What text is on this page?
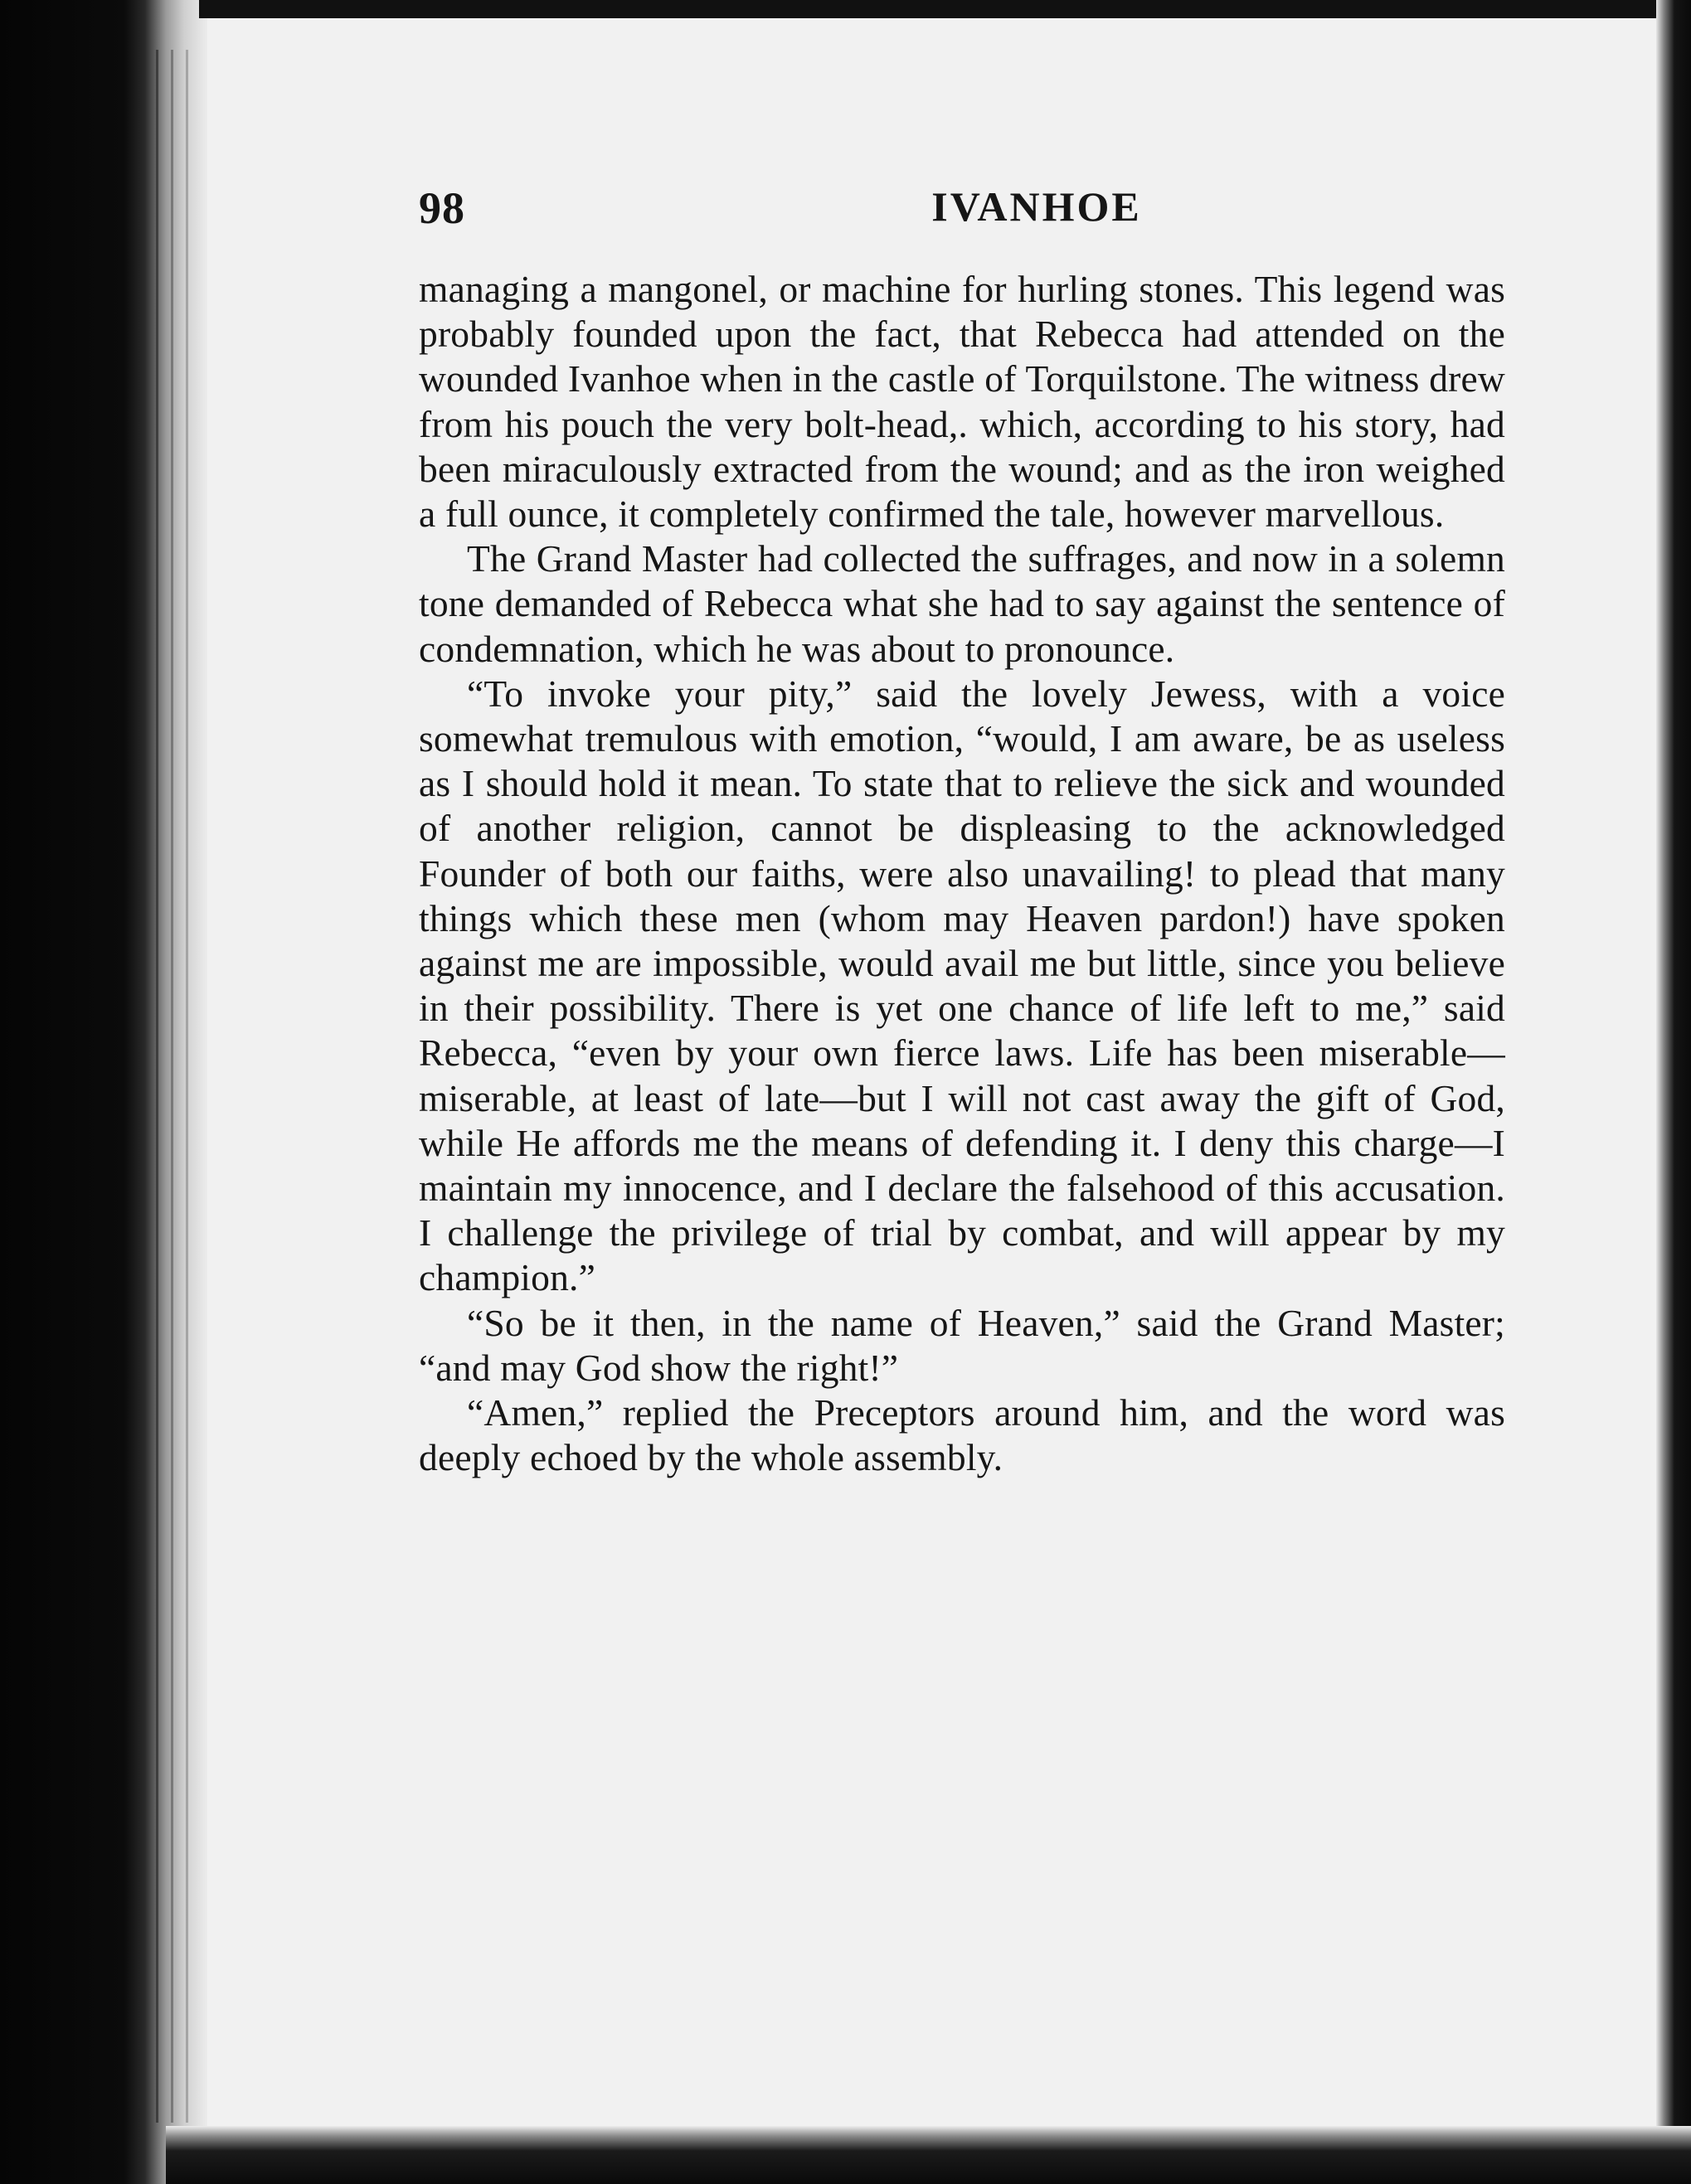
98	IVANHOE

managing a mangonel, or machine for hurling stones. This legend was probably founded upon the fact, that Rebecca had attended on the wounded Ivanhoe when in the castle of Torquilstone. The witness drew from his pouch the very bolt-head,. which, according to his story, had been miraculously extracted from the wound; and as the iron weighed a full ounce, it completely confirmed the tale, however marvellous.

The Grand Master had collected the suffrages, and now in a solemn tone demanded of Rebecca what she had to say against the sentence of condemnation, which he was about to pronounce.

“To invoke your pity,” said the lovely Jewess, with a voice somewhat tremulous with emotion, “would, I am aware, be as useless as I should hold it mean. To state that to relieve the sick and wounded of another religion, cannot be displeasing to the acknowledged Founder of both our faiths, were also unavailing! to plead that many things which these men (whom may Heaven pardon!) have spoken against me are impossible, would avail me but little, since you believe in their possibility. There is yet one chance of life left to me,” said Rebecca, “even by your own fierce laws. Life has been miserable—miserable, at least of late—but I will not cast away the gift of God, while He affords me the means of defending it. I deny this charge—I maintain my innocence, and I declare the falsehood of this accusation. I challenge the privilege of trial by combat, and will appear by my champion.”

“So be it then, in the name of Heaven,” said the Grand Master; “and may God show the right!”

“Amen,” replied the Preceptors around him, and the word was deeply echoed by the whole assembly.
